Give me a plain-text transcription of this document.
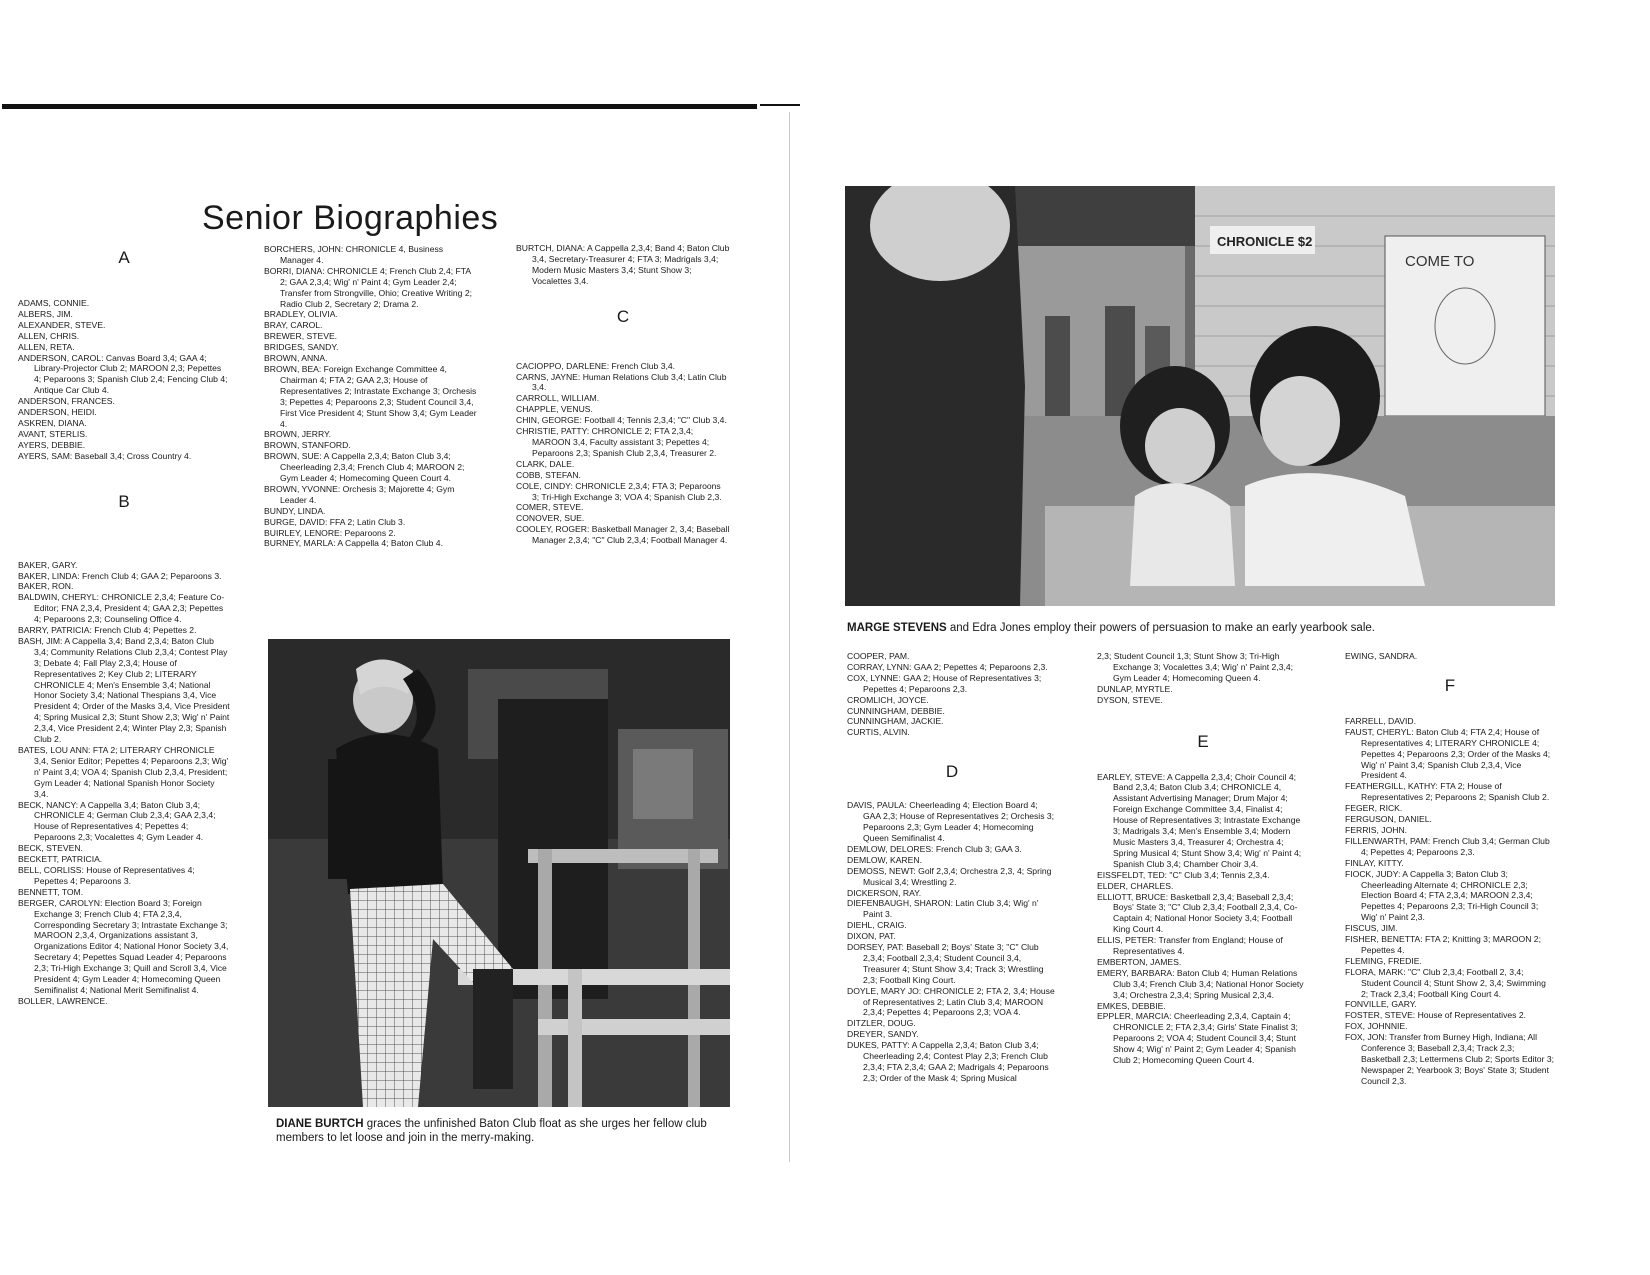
Senior Biographies
A

ADAMS, CONNIE.

ALBERS, JIM.

ALEXANDER, STEVE.

ALLEN, CHRIS.

ALLEN, RETA.

ANDERSON, CAROL: Canvas Board 3,4; GAA 4; Library-Projector Club 2; MAROON 2,3; Pepettes 4; Peparoons 3; Spanish Club 2,4; Fencing Club 4; Antique Car Club 4.

ANDERSON, FRANCES.

ANDERSON, HEIDI.

ASKREN, DIANA.

AVANT, STERLIS.

AYERS, DEBBIE.

AYERS, SAM: Baseball 3,4; Cross Country 4.

B

BAKER, GARY.

BAKER, LINDA: French Club 4; GAA 2; Peparoons 3.

BAKER, RON.

BALDWIN, CHERYL: CHRONICLE 2,3,4; Feature Co-Editor; FNA 2,3,4, President 4; GAA 2,3; Pepettes 4; Peparoons 2,3; Counseling Office 4.

BARRY, PATRICIA: French Club 4; Pepettes 2.

BASH, JIM: A Cappella 3,4; Band 2,3,4; Baton Club 3,4; Community Relations Club 2,3,4; Contest Play 3; Debate 4; Fall Play 2,3,4; House of Representatives 2; Key Club 2; LITERARY CHRONICLE 4; Men's Ensemble 3,4; National Honor Society 3,4; National Thespians 3,4, Vice President 4; Order of the Masks 3,4, Vice President 4; Spring Musical 2,3; Stunt Show 2,3; Wig' n' Paint 2,3,4, Vice President 2,4; Winter Play 2,3; Spanish Club 2.

BATES, LOU ANN: FTA 2; LITERARY CHRONICLE 3,4, Senior Editor; Pepettes 4; Peparoons 2,3; Wig' n' Paint 3,4; VOA 4; Spanish Club 2,3,4, President; Gym Leader 4; National Spanish Honor Society 3,4.

BECK, NANCY: A Cappella 3,4; Baton Club 3,4; CHRONICLE 4; German Club 2,3,4; GAA 2,3,4; House of Representatives 4; Pepettes 4; Peparoons 2,3; Vocalettes 4; Gym Leader 4.

BECK, STEVEN.

BECKETT, PATRICIA.

BELL, CORLISS: House of Representatives 4; Pepettes 4; Peparoons 3.

BENNETT, TOM.

BERGER, CAROLYN: Election Board 3; Foreign Exchange 3; French Club 4; FTA 2,3,4, Corresponding Secretary 3; Intrastate Exchange 3; MAROON 2,3,4, Organizations assistant 3, Organizations Editor 4; National Honor Society 3,4, Secretary 4; Pepettes Squad Leader 4; Peparoons 2,3; Tri-High Exchange 3; Quill and Scroll 3,4, Vice President 4; Gym Leader 4; Homecoming Queen Semifinalist 4; National Merit Semifinalist 4.

BOLLER, LAWRENCE.

BORCHERS, JOHN: CHRONICLE 4, Business Manager 4.

BORRI, DIANA: CHRONICLE 4; French Club 2,4; FTA 2; GAA 2,3,4; Wig' n' Paint 4; Gym Leader 2,4; Transfer from Strongville, Ohio; Creative Writing 2; Radio Club 2, Secretary 2; Drama 2.

BRADLEY, OLIVIA.

BRAY, CAROL.

BREWER, STEVE.

BRIDGES, SANDY.

BROWN, ANNA.

BROWN, BEA: Foreign Exchange Committee 4, Chairman 4; FTA 2; GAA 2,3; House of Representatives 2; Intrastate Exchange 3; Orchesis 3; Pepettes 4; Peparoons 2,3; Student Council 3,4, First Vice President 4; Stunt Show 3,4; Gym Leader 4.

BROWN, JERRY.

BROWN, STANFORD.

BROWN, SUE: A Cappella 2,3,4; Baton Club 3,4; Cheerleading 2,3,4; French Club 4; MAROON 2; Gym Leader 4; Homecoming Queen Court 4.

BROWN, YVONNE: Orchesis 3; Majorette 4; Gym Leader 4.

BUNDY, LINDA.

BURGE, DAVID: FFA 2; Latin Club 3.

BUIRLEY, LENORE: Peparoons 2.

BURNEY, MARLA: A Cappella 4; Baton Club 4.

BURTCH, DIANA: A Cappella 2,3,4; Band 4; Baton Club 3,4, Secretary-Treasurer 4; FTA 3; Madrigals 3,4; Modern Music Masters 3,4; Stunt Show 3; Vocalettes 3,4.

C

CACIOPPO, DARLENE: French Club 3,4.

CARNS, JAYNE: Human Relations Club 3,4; Latin Club 3,4.

CARROLL, WILLIAM.

CHAPPLE, VENUS.

CHIN, GEORGE: Football 4; Tennis 2,3,4; "C" Club 3,4.

CHRISTIE, PATTY: CHRONICLE 2; FTA 2,3,4; MAROON 3,4, Faculty assistant 3; Pepettes 4; Peparoons 2,3; Spanish Club 2,3,4, Treasurer 2.

CLARK, DALE.

COBB, STEFAN.

COLE, CINDY: CHRONICLE 2,3,4; FTA 3; Peparoons 3; Tri-High Exchange 3; VOA 4; Spanish Club 2,3.

COMER, STEVE.

CONOVER, SUE.

COOLEY, ROGER: Basketball Manager 2, 3,4; Baseball Manager 2,3,4; "C" Club 2,3,4; Football Manager 4.

COOPER, PAM.

CORRAY, LYNN: GAA 2; Pepettes 4; Peparoons 2,3.

COX, LYNNE: GAA 2; House of Representatives 3; Pepettes 4; Peparoons 2,3.

CROMLICH, JOYCE.

CUNNINGHAM, DEBBIE.

CUNNINGHAM, JACKIE.

CURTIS, ALVIN.

D

DAVIS, PAULA: Cheerleading 4; Election Board 4; GAA 2,3; House of Representatives 2; Orchesis 3; Peparoons 2,3; Gym Leader 4; Homecoming Queen Semifinalist 4.

DEMLOW, DELORES: French Club 3; GAA 3.

DEMLOW, KAREN.

DEMOSS, NEWT: Golf 2,3,4; Orchestra 2,3, 4; Spring Musical 3,4; Wrestling 2.

DICKERSON, RAY.

DIEFENBAUGH, SHARON: Latin Club 3,4; Wig' n' Paint 3.

DIEHL, CRAIG.

DIXON, PAT.

DORSEY, PAT: Baseball 2; Boys' State 3; "C" Club 2,3,4; Football 2,3,4; Student Council 3,4, Treasurer 4; Stunt Show 3,4; Track 3; Wrestling 2,3; Football King Court.

DOYLE, MARY JO: CHRONICLE 2; FTA 2, 3,4; House of Representatives 2; Latin Club 3,4; MAROON 2,3,4; Pepettes 4; Peparoons 2,3; VOA 4.

DITZLER, DOUG.

DREYER, SANDY.

DUKES, PATTY: A Cappella 2,3,4; Baton Club 3,4; Cheerleading 2,4; Contest Play 2,3; French Club 2,3,4; FTA 2,3,4; GAA 2; Madrigals 4; Peparoons 2,3; Order of the Mask 4; Spring Musical

2,3; Student Council 1,3; Stunt Show 3; Tri-High Exchange 3; Vocalettes 3,4; Wig' n' Paint 2,3,4; Gym Leader 4; Homecoming Queen 4.

DUNLAP, MYRTLE.

DYSON, STEVE.

E

EARLEY, STEVE: A Cappella 2,3,4; Choir Council 4; Band 2,3,4; Baton Club 3,4; CHRONICLE 4, Assistant Advertising Manager; Drum Major 4; Foreign Exchange Committee 3,4, Finalist 4; House of Representatives 3; Intrastate Exchange 3; Madrigals 3,4; Men's Ensemble 3,4; Modern Music Masters 3,4, Treasurer 4; Orchestra 4; Spring Musical 4; Stunt Show 3,4; Wig' n' Paint 4; Spanish Club 3,4; Chamber Choir 3,4.

EISSFELDT, TED: "C" Club 3,4; Tennis 2,3,4.

ELDER, CHARLES.

ELLIOTT, BRUCE: Basketball 2,3,4; Baseball 2,3,4; Boys' State 3; "C" Club 2,3,4; Football 2,3,4, Co-Captain 4; National Honor Society 3,4; Football King Court 4.

ELLIS, PETER: Transfer from England; House of Representatives 4.

EMBERTON, JAMES.

EMERY, BARBARA: Baton Club 4; Human Relations Club 3,4; French Club 3,4; National Honor Society 3,4; Orchestra 2,3,4; Spring Musical 2,3,4.

EMKES, DEBBIE.

EPPLER, MARCIA: Cheerleading 2,3,4, Captain 4; CHRONICLE 2; FTA 2,3,4; Girls' State Finalist 3; Peparoons 2; VOA 4; Student Council 3,4; Stunt Show 4; Wig' n' Paint 2; Gym Leader 4; Spanish Club 2; Homecoming Queen Court 4.

EWING, SANDRA.

F

FARRELL, DAVID.

FAUST, CHERYL: Baton Club 4; FTA 2,4; House of Representatives 4; LITERARY CHRONICLE 4; Pepettes 4; Peparoons 2,3; Order of the Masks 4; Wig' n' Paint 3,4; Spanish Club 2,3,4, Vice President 4.

FEATHERGILL, KATHY: FTA 2; House of Representatives 2; Peparoons 2; Spanish Club 2.

FEGER, RICK.

FERGUSON, DANIEL.

FERRIS, JOHN.

FILLENWARTH, PAM: French Club 3,4; German Club 4; Pepettes 4; Peparoons 2,3.

FINLAY, KITTY.

FIOCK, JUDY: A Cappella 3; Baton Club 3; Cheerleading Alternate 4; CHRONICLE 2,3; Election Board 4; FTA 2,3,4; MAROON 2,3,4; Pepettes 4; Peparoons 2,3; Tri-High Council 3; Wig' n' Paint 2,3.

FISCUS, JIM.

FISHER, BENETTA: FTA 2; Knitting 3; MAROON 2; Pepettes 4.

FLEMING, FREDIE.

FLORA, MARK: "C" Club 2,3,4; Football 2, 3,4; Student Council 4; Stunt Show 2, 3,4; Swimming 2; Track 2,3,4; Football King Court 4.

FONVILLE, GARY.

FOSTER, STEVE: House of Representatives 2.

FOX, JOHNNIE.

FOX, JON: Transfer from Burney High, Indiana; All Conference 3; Baseball 2,3,4; Track 2,3; Basketball 2,3; Lettermens Club 2; Sports Editor 3; Newspaper 2; Yearbook 3; Boys' State 3; Student Council 2,3.

DIANE BURTCH graces the unfinished Baton Club float as she urges her fellow club members to let loose and join in the merry-making.
CHRONICLE $2
COME TO
MARGE STEVENS and Edra Jones employ their powers of persuasion to make an early yearbook sale.
